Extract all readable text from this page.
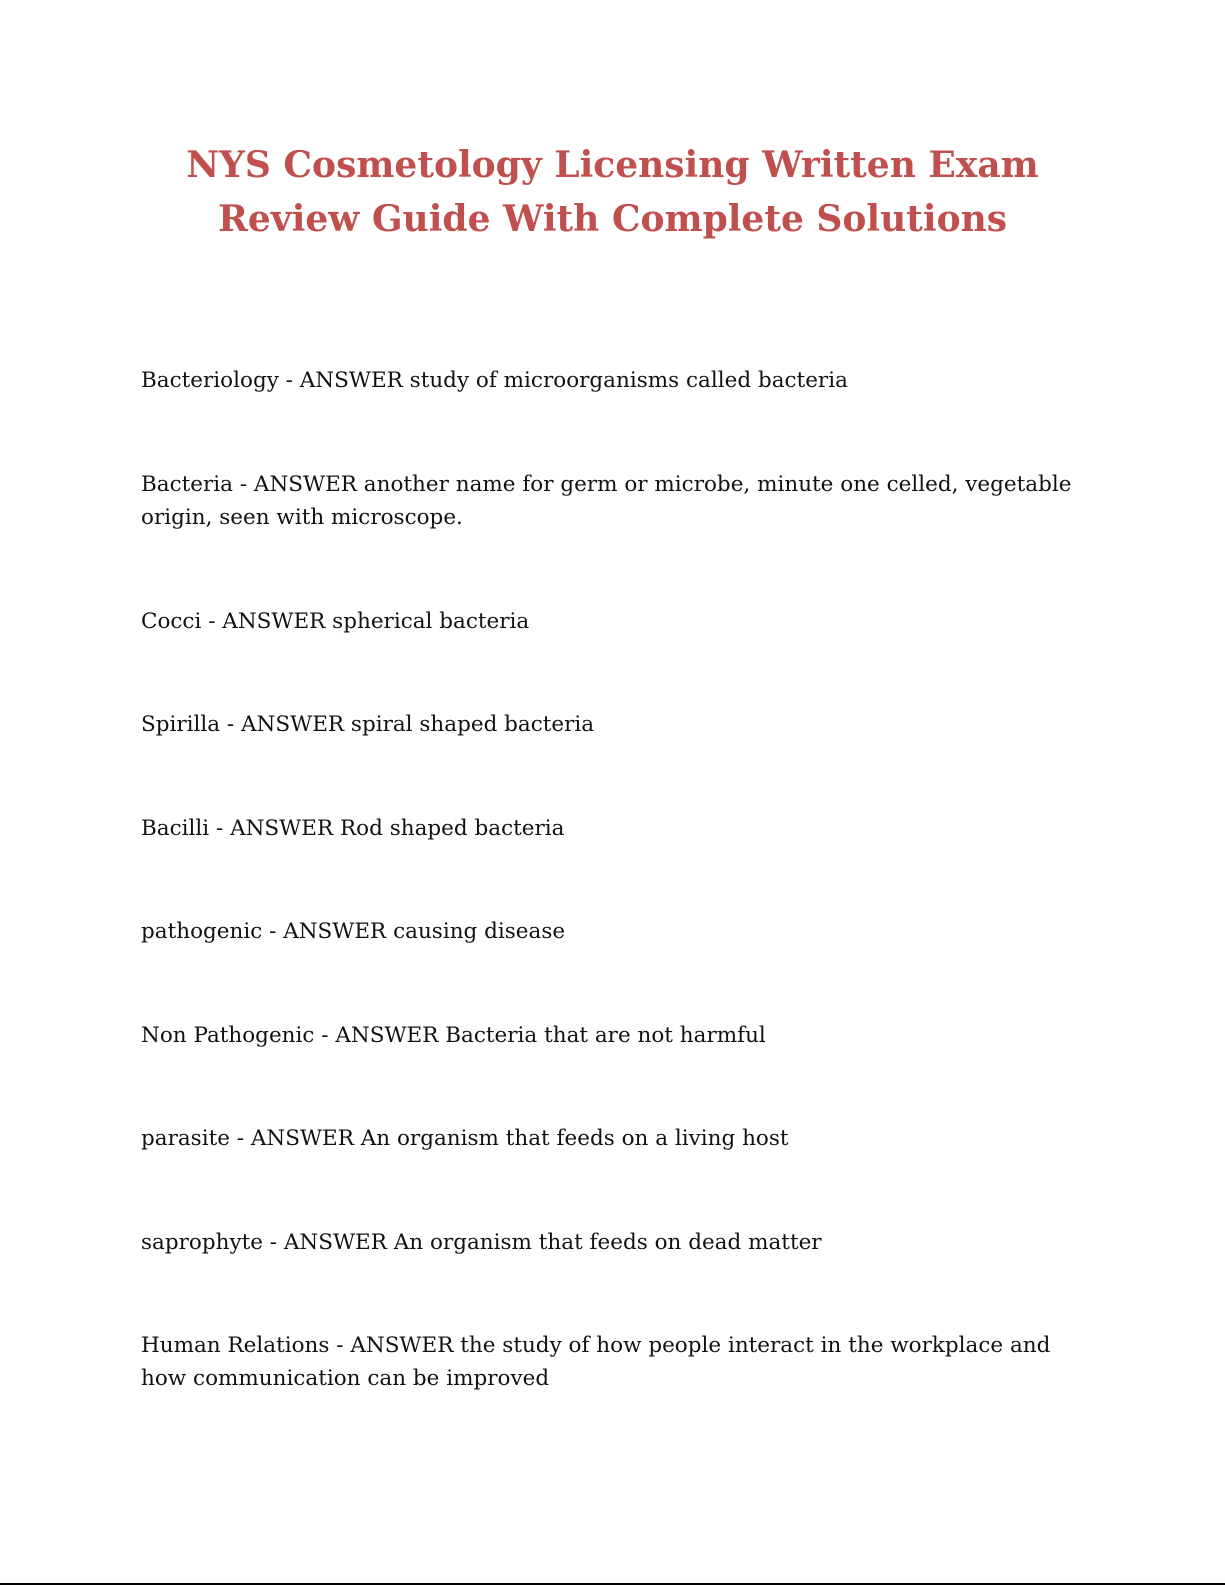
NYS Cosmetology Licensing Written Exam
Review Guide With Complete Solutions

Bacteriology - ANSWER study of microorganisms called bacteria

Bacteria - ANSWER another name for germ or microbe, minute one celled, vegetable origin, seen with microscope.

Cocci - ANSWER spherical bacteria

Spirilla - ANSWER spiral shaped bacteria

Bacilli - ANSWER Rod shaped bacteria

pathogenic - ANSWER causing disease

Non Pathogenic - ANSWER Bacteria that are not harmful

parasite - ANSWER An organism that feeds on a living host

saprophyte - ANSWER An organism that feeds on dead matter

Human Relations - ANSWER the study of how people interact in the workplace and how communication can be improved
